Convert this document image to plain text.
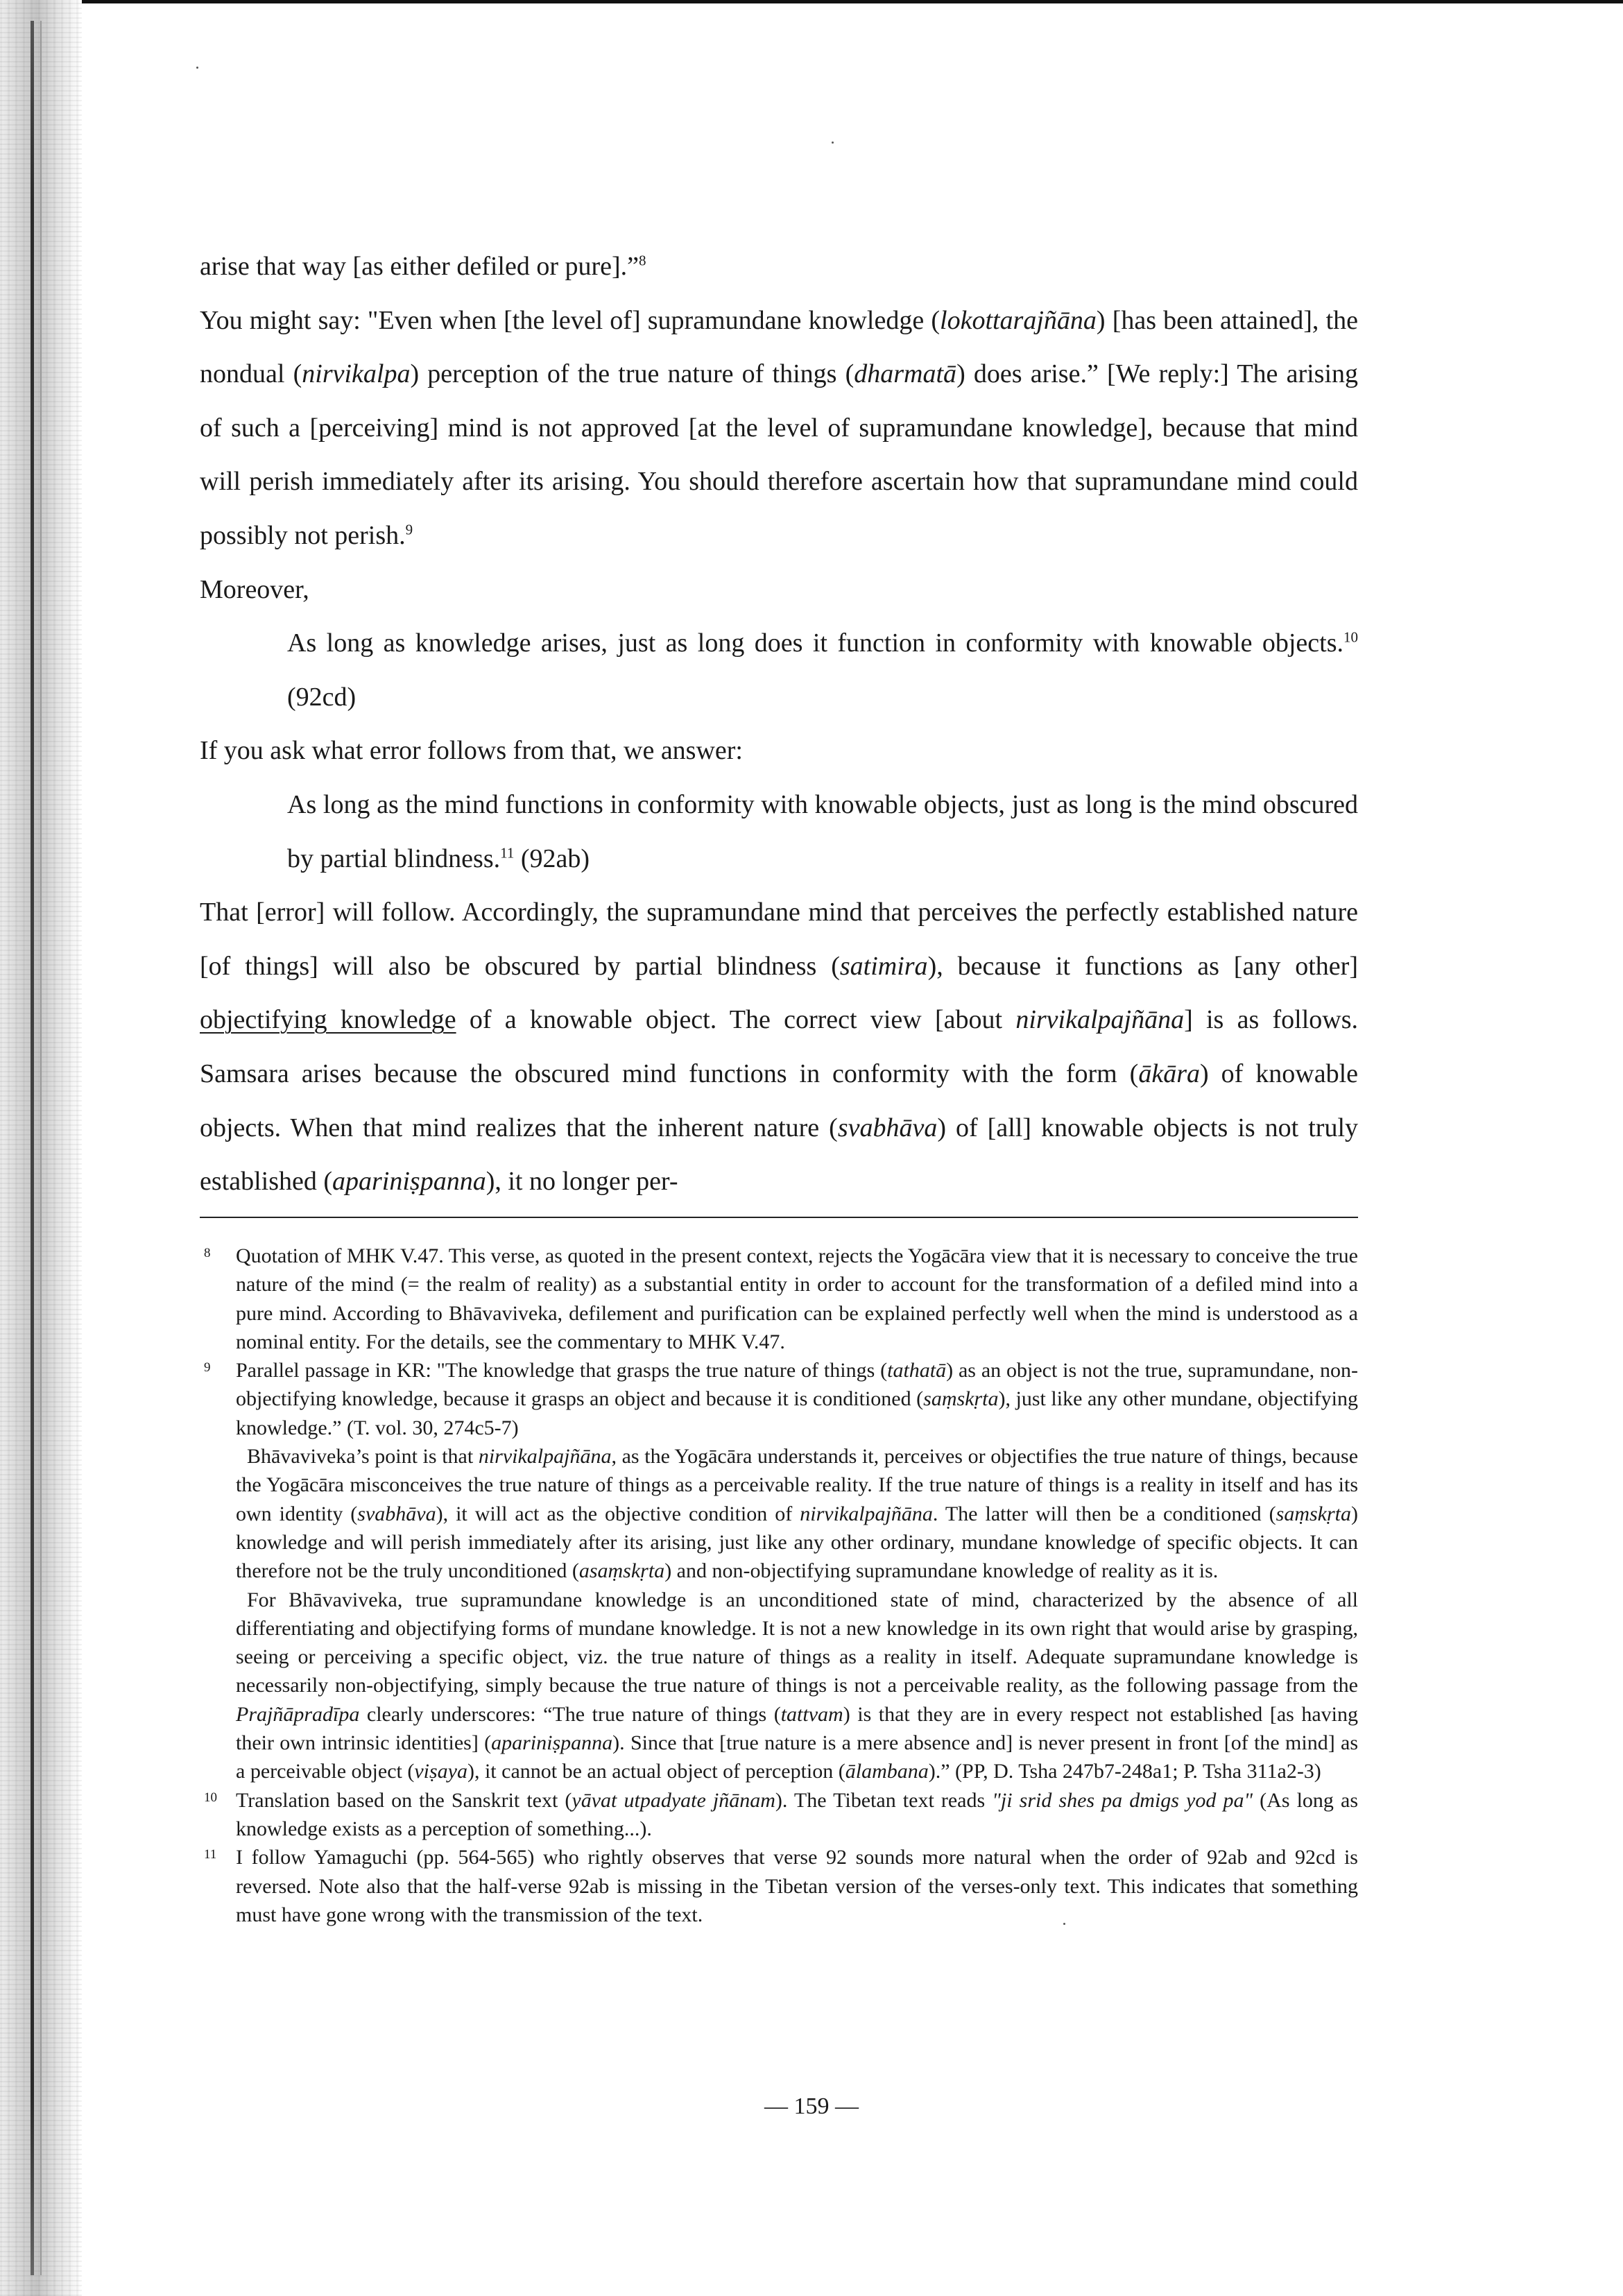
arise that way [as either defiled or pure].”$^8$

You might say: "Even when [the level of] supramundane knowledge (lokottarajñāna) [has been attained], the nondual (nirvikalpa) perception of the true nature of things (dharmatā) does arise.” [We reply:] The arising of such a [perceiving] mind is not approved [at the level of supramundane knowledge], because that mind will perish immediately after its arising. You should therefore ascertain how that supramundane mind could possibly not perish.$^9$

Moreover,

As long as knowledge arises, just as long does it function in conformity with knowable objects.$^{10}$ (92cd)

If you ask what error follows from that, we answer:

As long as the mind functions in conformity with knowable objects, just as long is the mind obscured by partial blindness.$^{11}$ (92ab)

That [error] will follow. Accordingly, the supramundane mind that perceives the perfectly established nature [of things] will also be obscured by partial blindness (satimira), because it functions as [any other] objectifying knowledge of a knowable object. The correct view [about nirvikalpajñāna] is as follows. Samsara arises because the obscured mind functions in conformity with the form (ākāra) of knowable objects. When that mind realizes that the inherent nature (svabhāva) of [all] knowable objects is not truly established (apariniṣpanna), it no longer per-

8 Quotation of MHK V.47. This verse, as quoted in the present context, rejects the Yogācāra view that it is necessary to conceive the true nature of the mind (= the realm of reality) as a substantial entity in order to account for the transformation of a defiled mind into a pure mind. According to Bhāvaviveka, defilement and purification can be explained perfectly well when the mind is understood as a nominal entity. For the details, see the commentary to MHK V.47.

9 Parallel passage in KR: "The knowledge that grasps the true nature of things (tathatā) as an object is not the true, supramundane, non-objectifying knowledge, because it grasps an object and because it is conditioned (saṃskṛta), just like any other mundane, objectifying knowledge.” (T. vol. 30, 274c5-7)

Bhāvaviveka’s point is that nirvikalpajñāna, as the Yogācāra understands it, perceives or objectifies the true nature of things, because the Yogācāra misconceives the true nature of things as a perceivable reality. If the true nature of things is a reality in itself and has its own identity (svabhāva), it will act as the objective condition of nirvikalpajñāna. The latter will then be a conditioned (saṃskṛta) knowledge and will perish immediately after its arising, just like any other ordinary, mundane knowledge of specific objects. It can therefore not be the truly unconditioned (asaṃskṛta) and non-objectifying supramundane knowledge of reality as it is.

For Bhāvaviveka, true supramundane knowledge is an unconditioned state of mind, characterized by the absence of all differentiating and objectifying forms of mundane knowledge. It is not a new knowledge in its own right that would arise by grasping, seeing or perceiving a specific object, viz. the true nature of things as a reality in itself. Adequate supramundane knowledge is necessarily non-objectifying, simply because the true nature of things is not a perceivable reality, as the following passage from the Prajñāpradīpa clearly underscores: “The true nature of things (tattvam) is that they are in every respect not established [as having their own intrinsic identities] (apariniṣpanna). Since that [true nature is a mere absence and] is never present in front [of the mind] as a perceivable object (viṣaya), it cannot be an actual object of perception (ālambana).” (PP, D. Tsha 247b7-248a1; P. Tsha 311a2-3)

10 Translation based on the Sanskrit text (yāvat utpadyate jñānam). The Tibetan text reads "ji srid shes pa dmigs yod pa" (As long as knowledge exists as a perception of something...).

11 I follow Yamaguchi (pp. 564-565) who rightly observes that verse 92 sounds more natural when the order of 92ab and 92cd is reversed. Note also that the half-verse 92ab is missing in the Tibetan version of the verses-only text. This indicates that something must have gone wrong with the transmission of the text.

— 159 —
